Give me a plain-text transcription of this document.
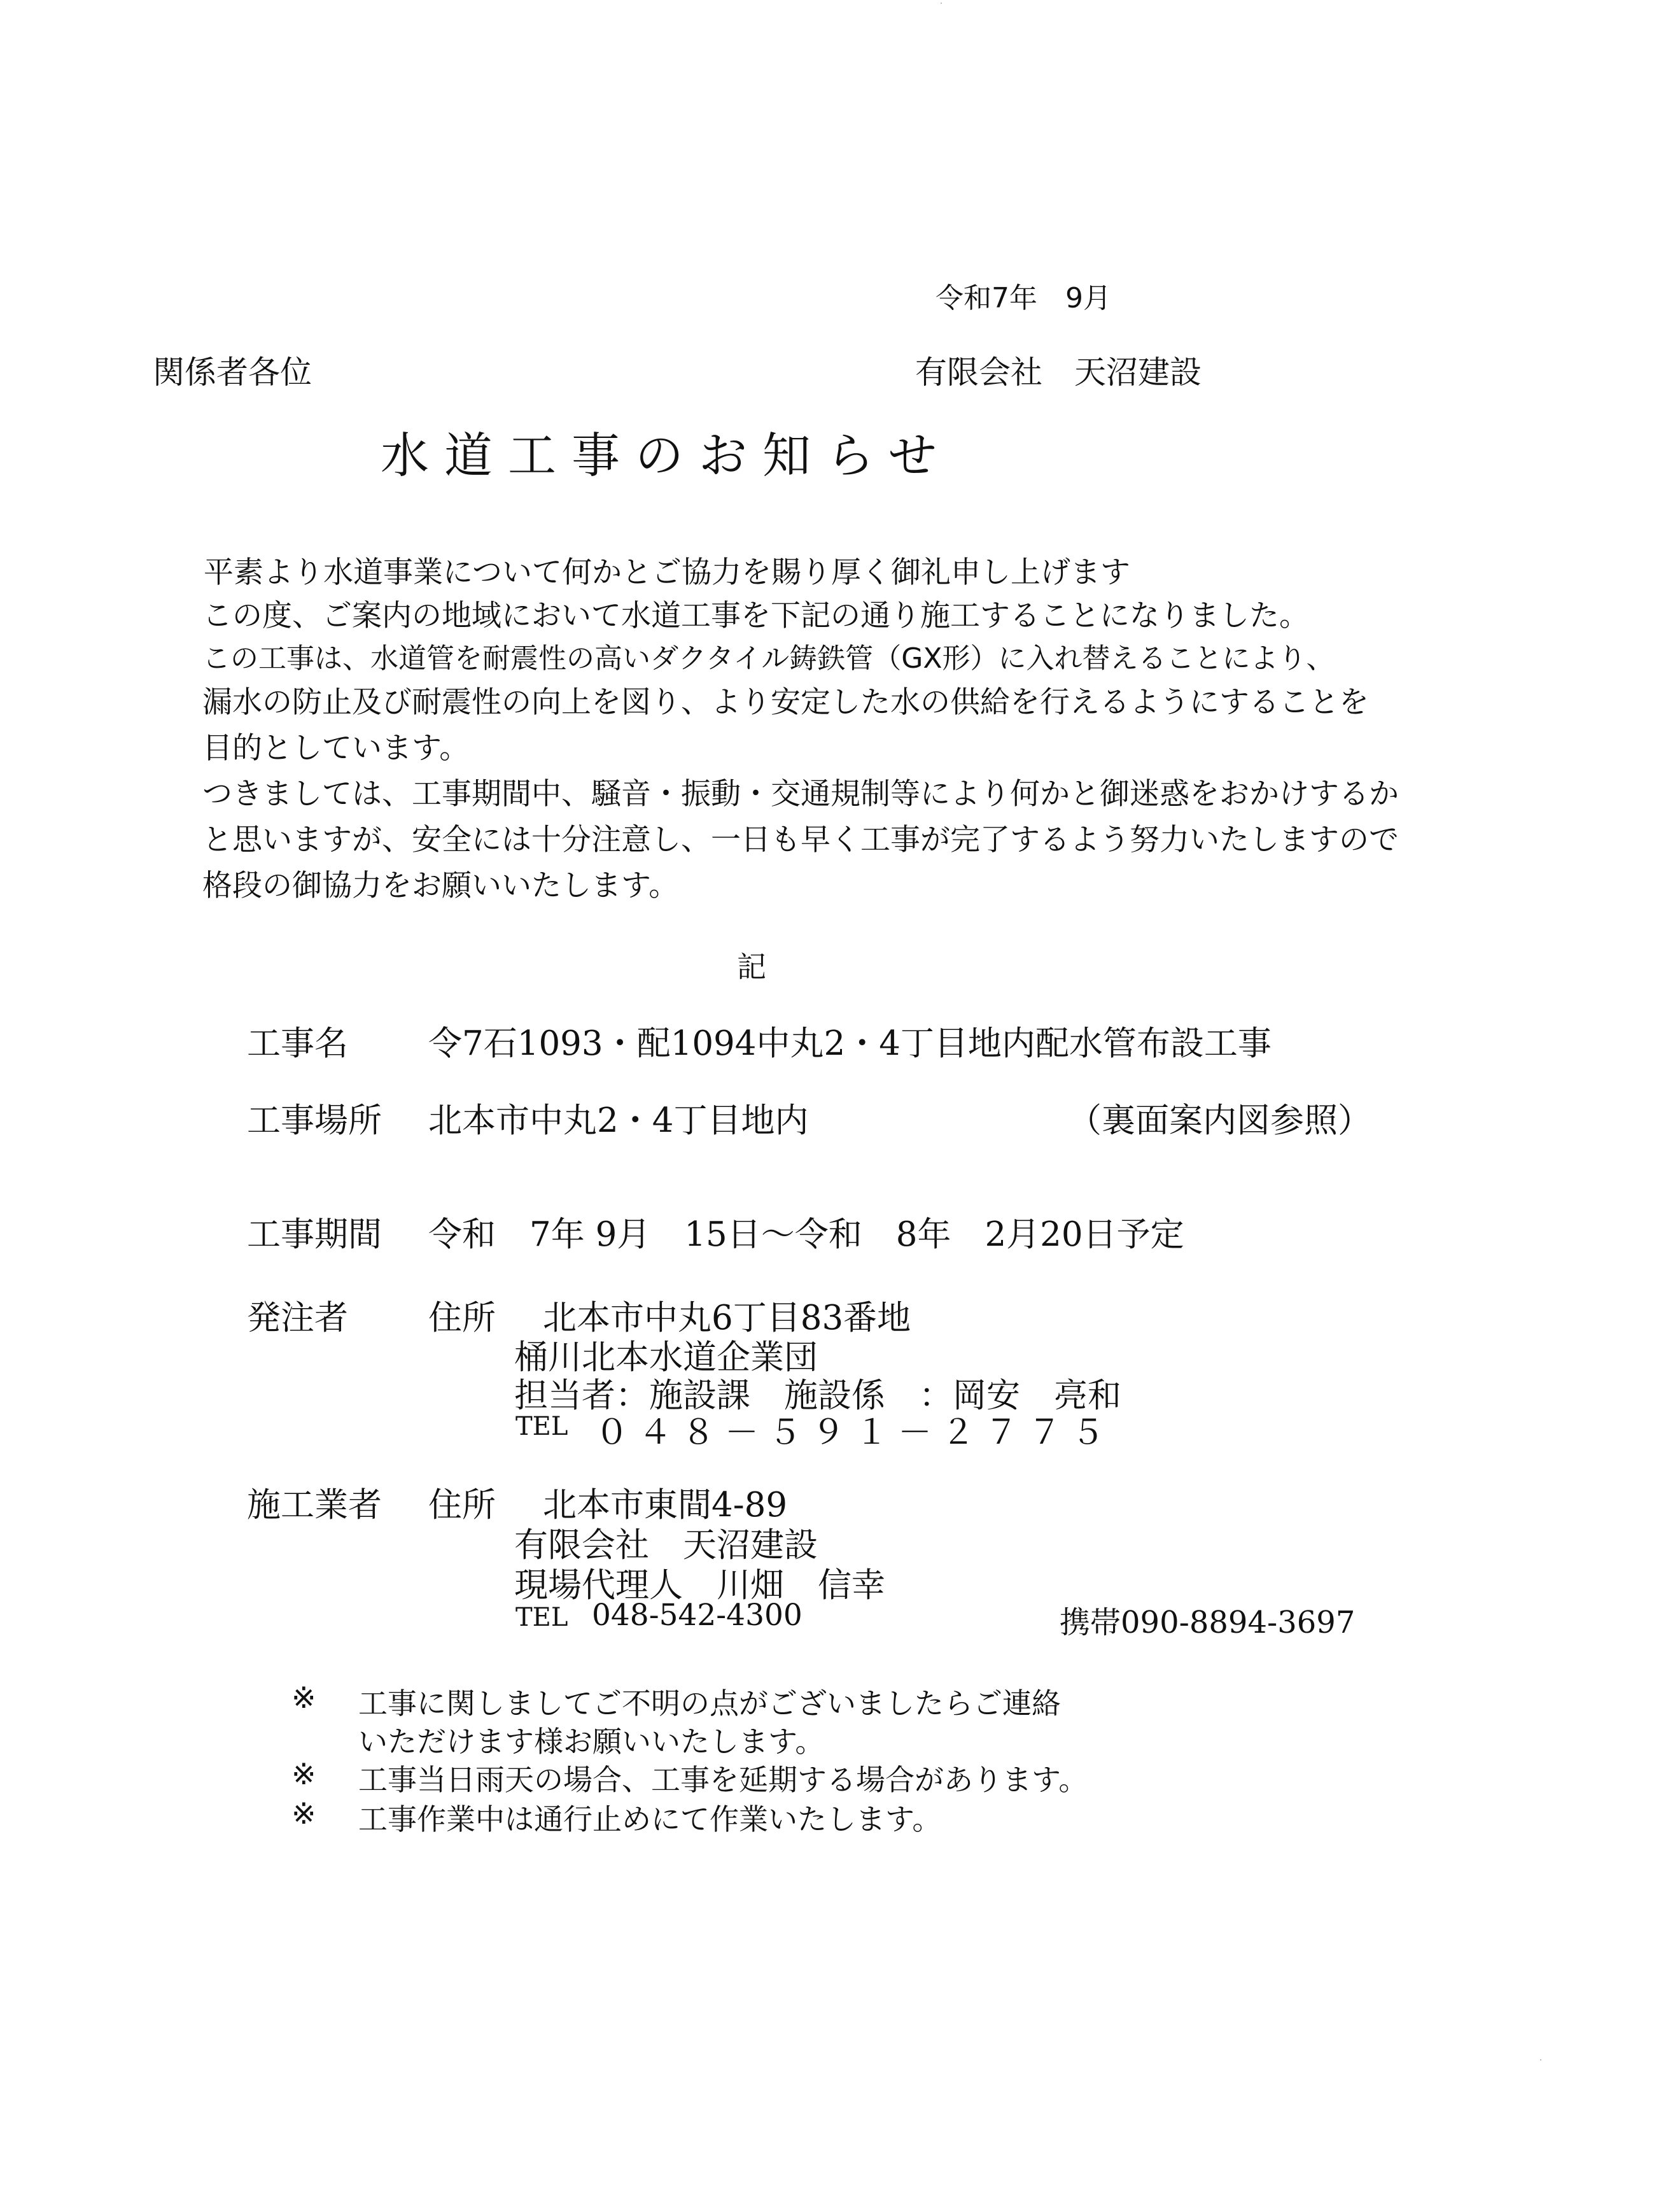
令和7年　9月
関係者各位	有限会社　天沼建設
水道工事のお知らせ
平素より水道事業について何かとご協力を賜り厚く御礼申し上げます
この度、ご案内の地域において水道工事を下記の通り施工することになりました。
この工事は、水道管を耐震性の高いダクタイル鋳鉄管（GX形）に入れ替えることにより、
漏水の防止及び耐震性の向上を図り、より安定した水の供給を行えるようにすることを
目的としています。
つきましては、工事期間中、騒音・振動・交通規制等により何かと御迷惑をおかけするか
と思いますが、安全には十分注意し、一日も早く工事が完了するよう努力いたしますので
格段の御協力をお願いいたします。
記
工事名 令7石1093・配1094中丸2・4丁目地内配水管布設工事
工事場所 北本市中丸2・4丁目地内	（裏面案内図参照）
工事期間 令和　7年 9月　15日～令和　8年　2月20日予定
発注者 住所 北本市中丸6丁目83番地
桶川北本水道企業団
担当者：施設課　施設係　：岡安　亮和
TEL ０４８－５９１－２７７５
施工業者 住所 北本市東間4-89
有限会社　天沼建設
現場代理人　川畑　信幸
TEL 048-542-4300	携帯090-8894-3697
※ 工事に関しましてご不明の点がございましたらご連絡
いただけます様お願いいたします。
※ 工事当日雨天の場合、工事を延期する場合があります。
※ 工事作業中は通行止めにて作業いたします。
